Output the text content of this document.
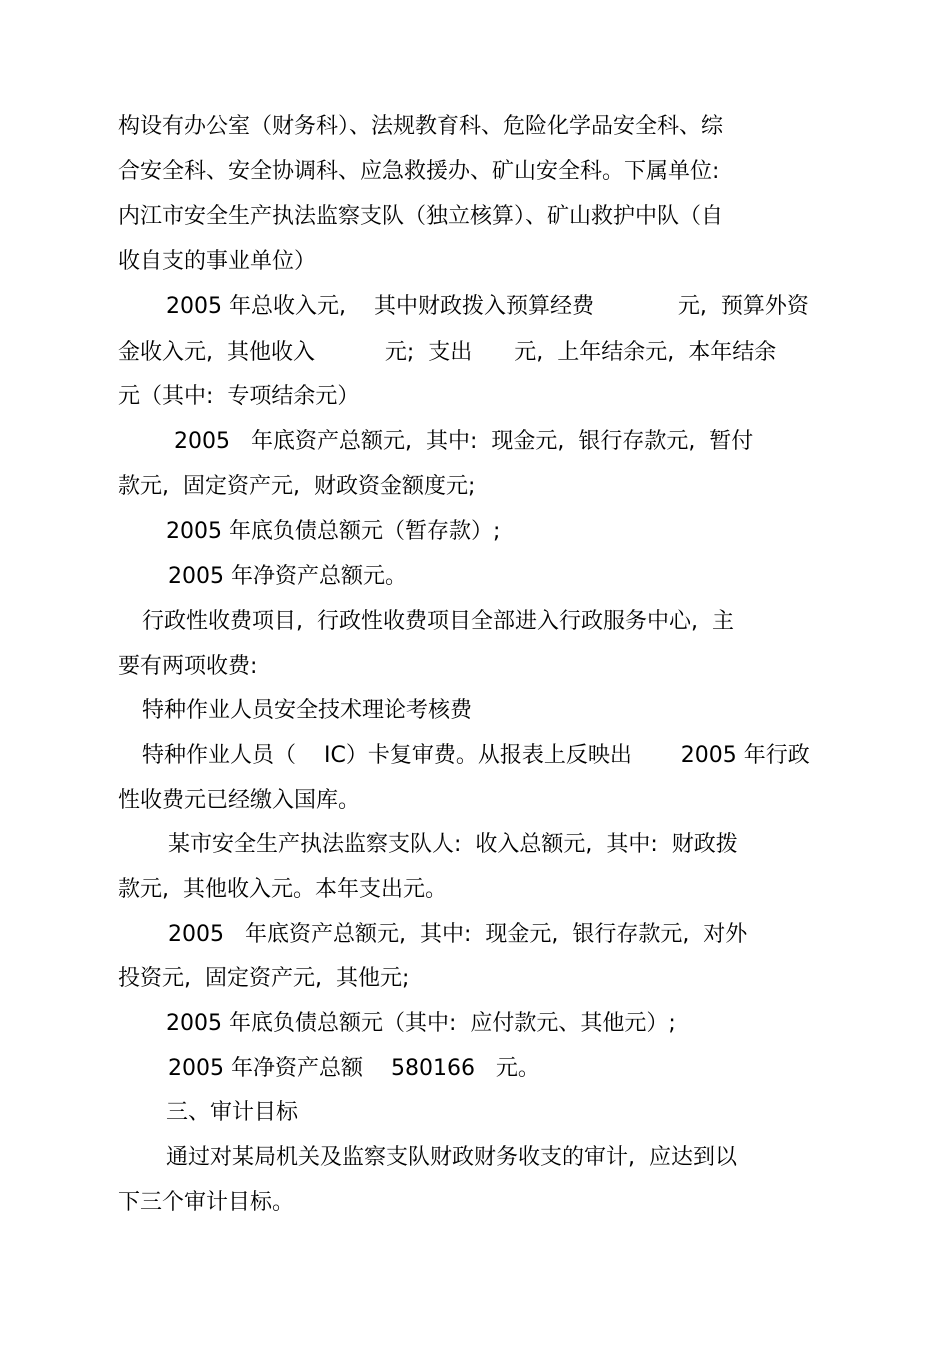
构设有办公室（财务科）、法规教育科、危险化学品安全科、综
合安全科、安全协调科、应急救援办、矿山安全科。下属单位:
内江市安全生产执法监察支队（独立核算）、矿山救护中队（自
收自支的事业单位）
2005 年总收入元,    其中财政拨入预算经费            元,  预算外资
金收入元,  其他收入          元;  支出      元,  上年结余元,  本年结余
元（其中:  专项结余元）
2005   年底资产总额元,  其中:  现金元,  银行存款元,  暂付
款元,  固定资产元,  财政资金额度元;
2005 年底负债总额元（暂存款）;
2005 年净资产总额元。
行政性收费项目,  行政性收费项目全部进入行政服务中心,  主
要有两项收费:
特种作业人员安全技术理论考核费
特种作业人员（    IC）卡复审费。从报表上反映出       2005 年行政
性收费元已经缴入国库。
某市安全生产执法监察支队人:  收入总额元,  其中:  财政拨
款元,  其他收入元。本年支出元。
2005   年底资产总额元,  其中:  现金元,  银行存款元,  对外
投资元,  固定资产元,  其他元;
2005 年底负债总额元（其中:  应付款元、其他元）;
2005 年净资产总额    580166   元。
三、审计目标
通过对某局机关及监察支队财政财务收支的审计,  应达到以
下三个审计目标。
